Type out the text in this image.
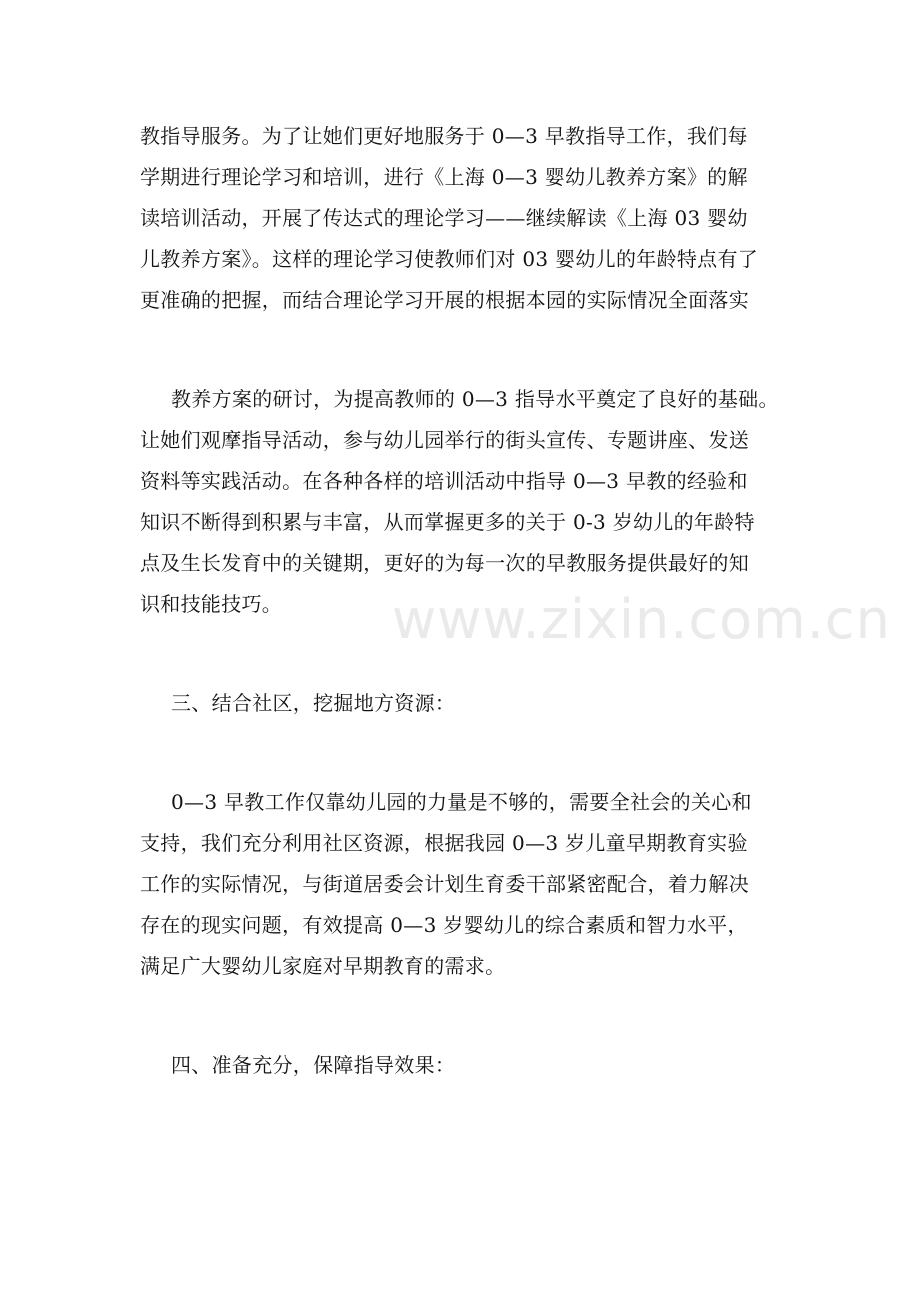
www.zixin.com.cn

教指导服务。为了让她们更好地服务于 0—3 早教指导工作，我们每
学期进行理论学习和培训，进行《上海 0—3 婴幼儿教养方案》的解
读培训活动，开展了传达式的理论学习——继续解读《上海 03 婴幼
儿教养方案》。这样的理论学习使教师们对 03 婴幼儿的年龄特点有了
更准确的把握，而结合理论学习开展的根据本园的实际情况全面落实

教养方案的研讨，为提高教师的 0—3 指导水平奠定了良好的基础。
让她们观摩指导活动，参与幼儿园举行的街头宣传、专题讲座、发送
资料等实践活动。在各种各样的培训活动中指导 0—3 早教的经验和
知识不断得到积累与丰富，从而掌握更多的关于 0-3 岁幼儿的年龄特
点及生长发育中的关键期，更好的为每一次的早教服务提供最好的知
识和技能技巧。

三、结合社区，挖掘地方资源：

0—3 早教工作仅靠幼儿园的力量是不够的，需要全社会的关心和
支持，我们充分利用社区资源，根据我园 0—3 岁儿童早期教育实验
工作的实际情况，与街道居委会计划生育委干部紧密配合，着力解决
存在的现实问题，有效提高 0—3 岁婴幼儿的综合素质和智力水平，
满足广大婴幼儿家庭对早期教育的需求。

四、准备充分，保障指导效果：
